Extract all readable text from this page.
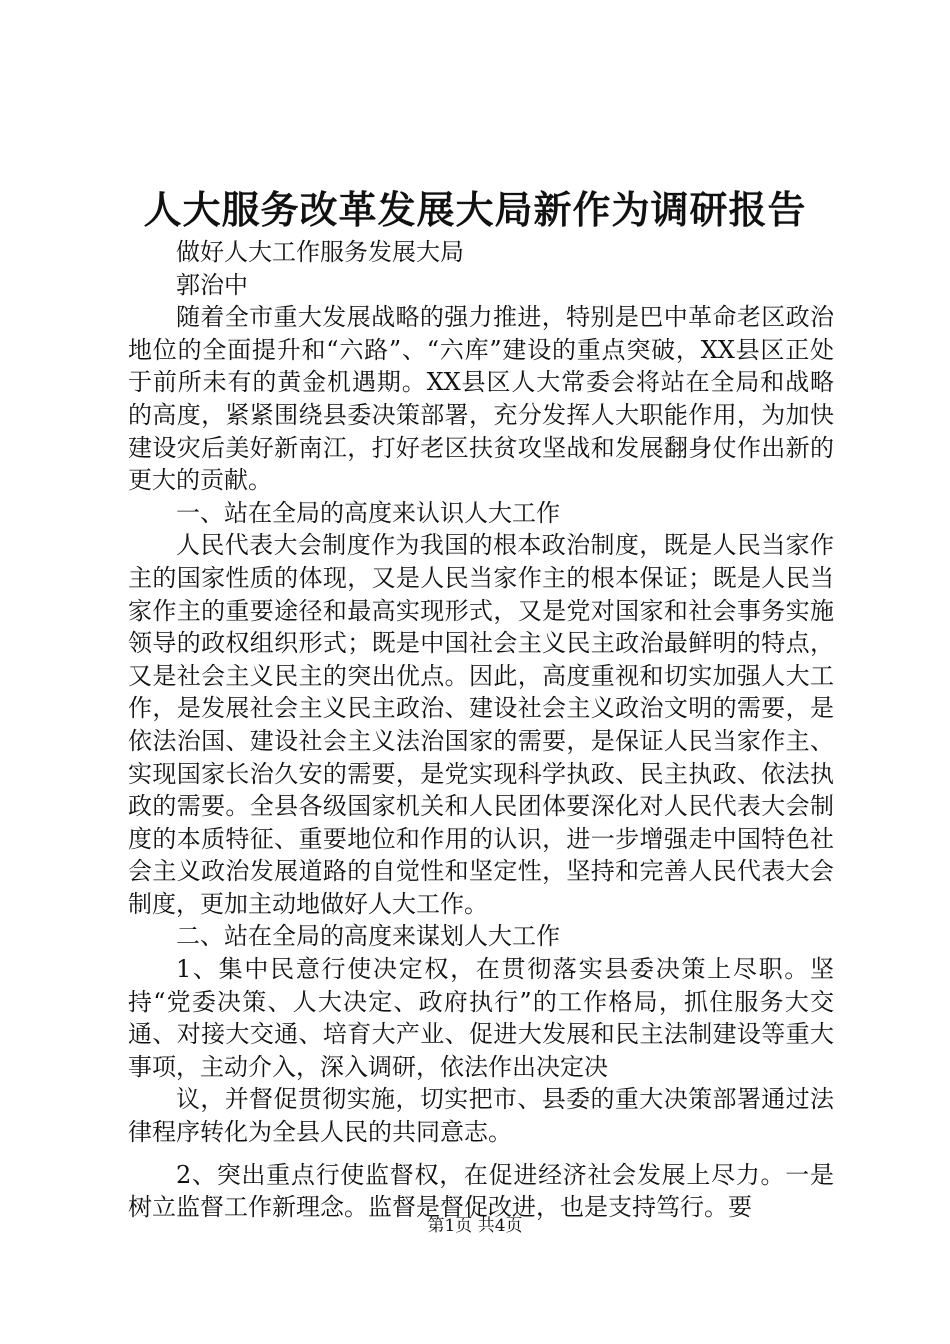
人大服务改革发展大局新作为调研报告

做好人大工作服务发展大局

郭治中

随着全市重大发展战略的强力推进，特别是巴中革命老区政治地位的全面提升和“六路”、“六库”建设的重点突破，XX县区正处于前所未有的黄金机遇期。XX县区人大常委会将站在全局和战略的高度，紧紧围绕县委决策部署，充分发挥人大职能作用，为加快建设灾后美好新南江，打好老区扶贫攻坚战和发展翻身仗作出新的更大的贡献。

一、站在全局的高度来认识人大工作

人民代表大会制度作为我国的根本政治制度，既是人民当家作主的国家性质的体现，又是人民当家作主的根本保证；既是人民当家作主的重要途径和最高实现形式，又是党对国家和社会事务实施领导的政权组织形式；既是中国社会主义民主政治最鲜明的特点，又是社会主义民主的突出优点。因此，高度重视和切实加强人大工作，是发展社会主义民主政治、建设社会主义政治文明的需要，是依法治国、建设社会主义法治国家的需要，是保证人民当家作主、实现国家长治久安的需要，是党实现科学执政、民主执政、依法执政的需要。全县各级国家机关和人民团体要深化对人民代表大会制度的本质特征、重要地位和作用的认识，进一步增强走中国特色社会主义政治发展道路的自觉性和坚定性，坚持和完善人民代表大会制度，更加主动地做好人大工作。

二、站在全局的高度来谋划人大工作

1、集中民意行使决定权，在贯彻落实县委决策上尽职。坚持“党委决策、人大决定、政府执行”的工作格局，抓住服务大交通、对接大交通、培育大产业、促进大发展和民主法制建设等重大事项，主动介入，深入调研，依法作出决定决

议，并督促贯彻实施，切实把市、县委的重大决策部署通过法律程序转化为全县人民的共同意志。

2、突出重点行使监督权，在促进经济社会发展上尽力。一是树立监督工作新理念。监督是督促改进，也是支持笃行。要

第1页 共4页
